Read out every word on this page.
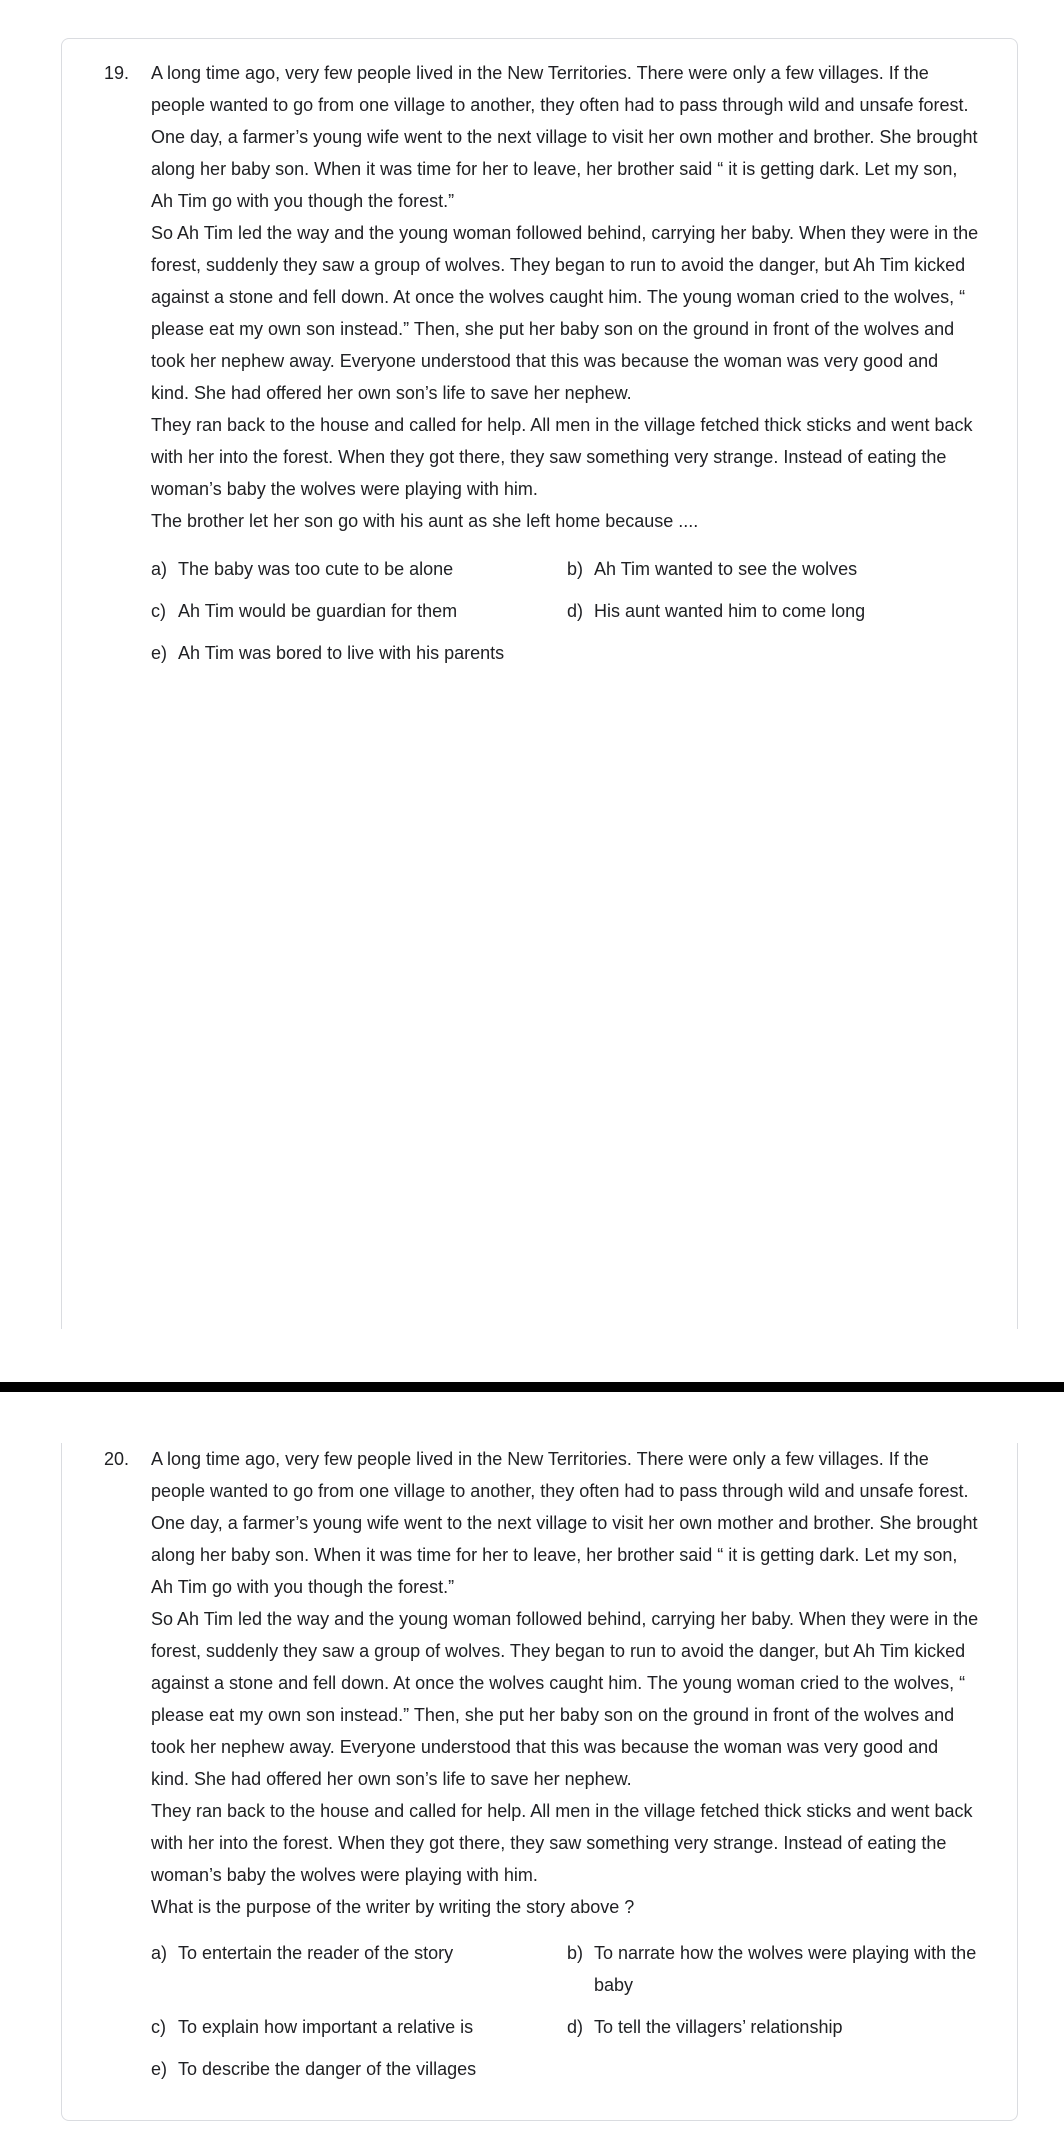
19. A long time ago, very few people lived in the New Territories. There were only a few villages. If the people wanted to go from one village to another, they often had to pass through wild and unsafe forest. One day, a farmer’s young wife went to the next village to visit her own mother and brother. She brought along her baby son. When it was time for her to leave, her brother said “ it is getting dark. Let my son, Ah Tim go with you though the forest.”

So Ah Tim led the way and the young woman followed behind, carrying her baby. When they were in the forest, suddenly they saw a group of wolves. They began to run to avoid the danger, but Ah Tim kicked against a stone and fell down. At once the wolves caught him. The young woman cried to the wolves, “ please eat my own son instead.” Then, she put her baby son on the ground in front of the wolves and took her nephew away. Everyone understood that this was because the woman was very good and kind. She had offered her own son’s life to save her nephew.

They ran back to the house and called for help. All men in the village fetched thick sticks and went back with her into the forest. When they got there, they saw something very strange. Instead of eating the woman’s baby the wolves were playing with him.

The brother let her son go with his aunt as she left home because ....

a) The baby was too cute to be alone	b) Ah Tim wanted to see the wolves
c) Ah Tim would be guardian for them	d) His aunt wanted him to come long
e) Ah Tim was bored to live with his parents
20. A long time ago, very few people lived in the New Territories. There were only a few villages. If the people wanted to go from one village to another, they often had to pass through wild and unsafe forest. One day, a farmer’s young wife went to the next village to visit her own mother and brother. She brought along her baby son. When it was time for her to leave, her brother said “ it is getting dark. Let my son, Ah Tim go with you though the forest.”

So Ah Tim led the way and the young woman followed behind, carrying her baby. When they were in the forest, suddenly they saw a group of wolves. They began to run to avoid the danger, but Ah Tim kicked against a stone and fell down. At once the wolves caught him. The young woman cried to the wolves, “ please eat my own son instead.” Then, she put her baby son on the ground in front of the wolves and took her nephew away. Everyone understood that this was because the woman was very good and kind. She had offered her own son’s life to save her nephew.

They ran back to the house and called for help. All men in the village fetched thick sticks and went back with her into the forest. When they got there, they saw something very strange. Instead of eating the woman’s baby the wolves were playing with him.

What is the purpose of the writer by writing the story above ?

a) To entertain the reader of the story	b) To narrate how the wolves were playing with the baby
c) To explain how important a relative is	d) To tell the villagers’ relationship
e) To describe the danger of the villages
